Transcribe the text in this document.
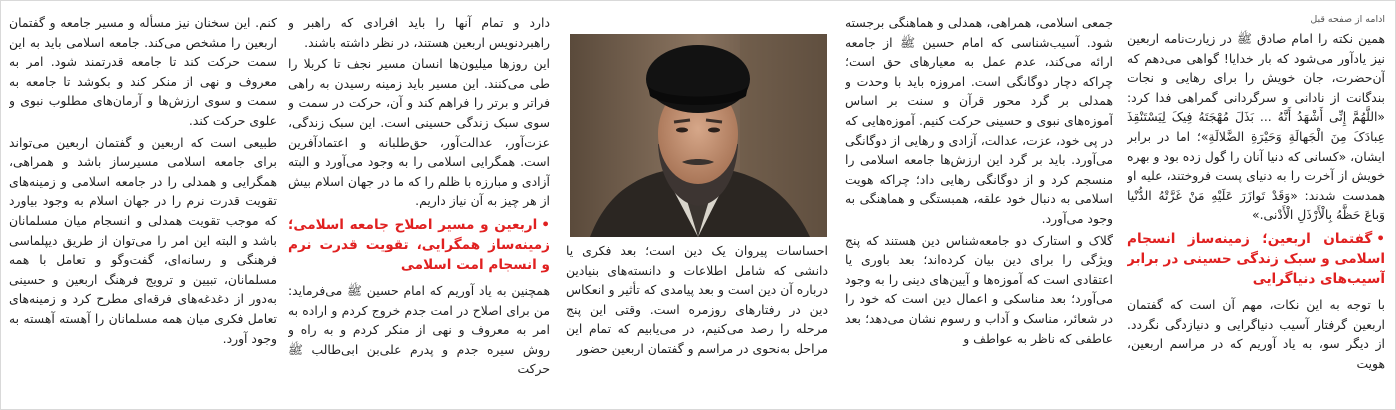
ادامه از صفحه قبل

همین نکته را امام صادق ﷺ در زیارت‌نامه اربعین نیز یادآور می‌شود که بار خدایا! گواهی می‌دهم که آن‌حضرت، جان خویش را برای رهایی و نجات بندگانت از نادانی و سرگردانی گمراهی فدا کرد: «اللَّهُمَّ إِنِّی أَشْهَدُ أَنَّهُ ... بَذَلَ مُهْجَتَهُ فِیکَ لِیَسْتَنْقِذَ عِبادَکَ مِنَ الْجَهالَةِ وَحَیْرَةِ الضَّلالَةِ»؛ اما در برابر ایشان، «کسانی که دنیا آنان را گول زده بود و بهره خویش از آخرت را به دنیای پست فروختند، علیه او همدست شدند: «وَقَدْ تَوازَرَ عَلَیْهِ مَنْ غَرَّتْهُ الدُّنْیا وَباعَ حَظَّهُ بِالْأَرْذَلِ الْأَدْنی.»

•گفتمان اربعین؛ زمینه‌ساز انسجام اسلامی و سبک زندگی حسینی در برابر آسیب‌های دنیاگرایی

با توجه به این نکات، مهم آن است که گفتمان اربعین گرفتار آسیب دنیاگرایی و دنیازدگی نگردد. از دیگر سو، به یاد آوریم که در مراسم اربعین، هویت

جمعی اسلامی، همراهی، همدلی و هماهنگی برجسته شود. آسیب‌شناسی که امام حسین ﷺ از جامعه ارائه می‌کند، عدم عمل به معیارهای حق است؛ چراکه دچار دوگانگی است. امروزه باید با وحدت و همدلی بر گرد محور قرآن و سنت بر اساس آموزه‌های نبوی و حسینی حرکت کنیم. آموزه‌هایی که در پی خود، عزت، عدالت، آزادی و رهایی از دوگانگی می‌آورد. باید بر گرد این ارزش‌ها جامعه اسلامی را منسجم کرد و از دوگانگی رهایی داد؛ چراکه هویت اسلامی به دنبال خود علقه، همبستگی و هماهنگی به وجود می‌آورد.

گلاک و استارک دو جامعه‌شناس دین هستند که پنج ویژگی را برای دین بیان کرده‌اند؛ بعد باوری یا اعتقادی است که آموزه‌ها و آیین‌های دینی را به وجود می‌آورد؛ بعد مناسکی و اعمال دین است که خود را در شعائر، مناسک و آداب و رسوم نشان می‌دهد؛ بعد عاطفی که ناظر به عواطف و

احساسات پیروان یک دین است؛ بعد فکری یا دانشی که شامل اطلاعات و دانسته‌های بنیادین درباره آن دین است و بعد پیامدی که تأثیر و انعکاس دین در رفتارهای روزمره است. وقتی این پنج مرحله را رصد می‌کنیم، در می‌یابیم که تمام این مراحل به‌نحوی در مراسم و گفتمان اربعین حضور

دارد و تمام آنها را باید افرادی که راهبر و راهبردنویس اربعین هستند، در نظر داشته باشند.

این روزها میلیون‌ها انسان مسیر نجف تا کربلا را طی می‌کنند. این مسیر باید زمینه رسیدن به راهی فراتر و برتر را فراهم کند و آن، حرکت در سمت و سوی سبک زندگی حسینی است. این سبک زندگی، عزت‌آور، عدالت‌آور، حق‌طلبانه و اعتمادآفرین است. همگرایی اسلامی را به وجود می‌آورد و البته آزادی و مبارزه با ظلم را که ما در جهان اسلام بیش از هر چیز به آن نیاز داریم.

•اربعین و مسیر اصلاح جامعه اسلامی؛ زمینه‌ساز همگرایی، تقویت قدرت نرم و انسجام امت اسلامی

همچنین به یاد آوریم که امام حسین ﷺ می‌فرماید: من برای اصلاح در امت جدم خروج کردم و اراده به امر به معروف و نهی از منکر کردم و به راه و روش سیره جدم و پدرم علی‌بن ابی‌طالب ﷺ حرکت

کنم. این سخنان نیز مسأله و مسیر جامعه و گفتمان اربعین را مشخص می‌کند. جامعه اسلامی باید به این سمت حرکت کند تا جامعه قدرتمند شود. امر به معروف و نهی از منکر کند و بکوشد تا جامعه به سمت و سوی ارزش‌ها و آرمان‌های مطلوب نبوی و علوی حرکت کند.

طبیعی است که اربعین و گفتمان اربعین می‌تواند برای جامعه اسلامی مسیرساز باشد و همراهی، همگرایی و همدلی را در جامعه اسلامی و زمینه‌های تقویت قدرت نرم را در جهان اسلام به وجود بیاورد که موجب تقویت همدلی و انسجام میان مسلمانان باشد و البته این امر را می‌توان از طریق دیپلماسی فرهنگی و رسانه‌ای، گفت‌وگو و تعامل با همه مسلمانان، تبیین و ترویج فرهنگ اربعین و حسینی به‌دور از دغدغه‌های فرقه‌ای مطرح کرد و زمینه‌های تعامل فکری میان همه مسلمانان را آهسته آهسته به وجود آورد.
